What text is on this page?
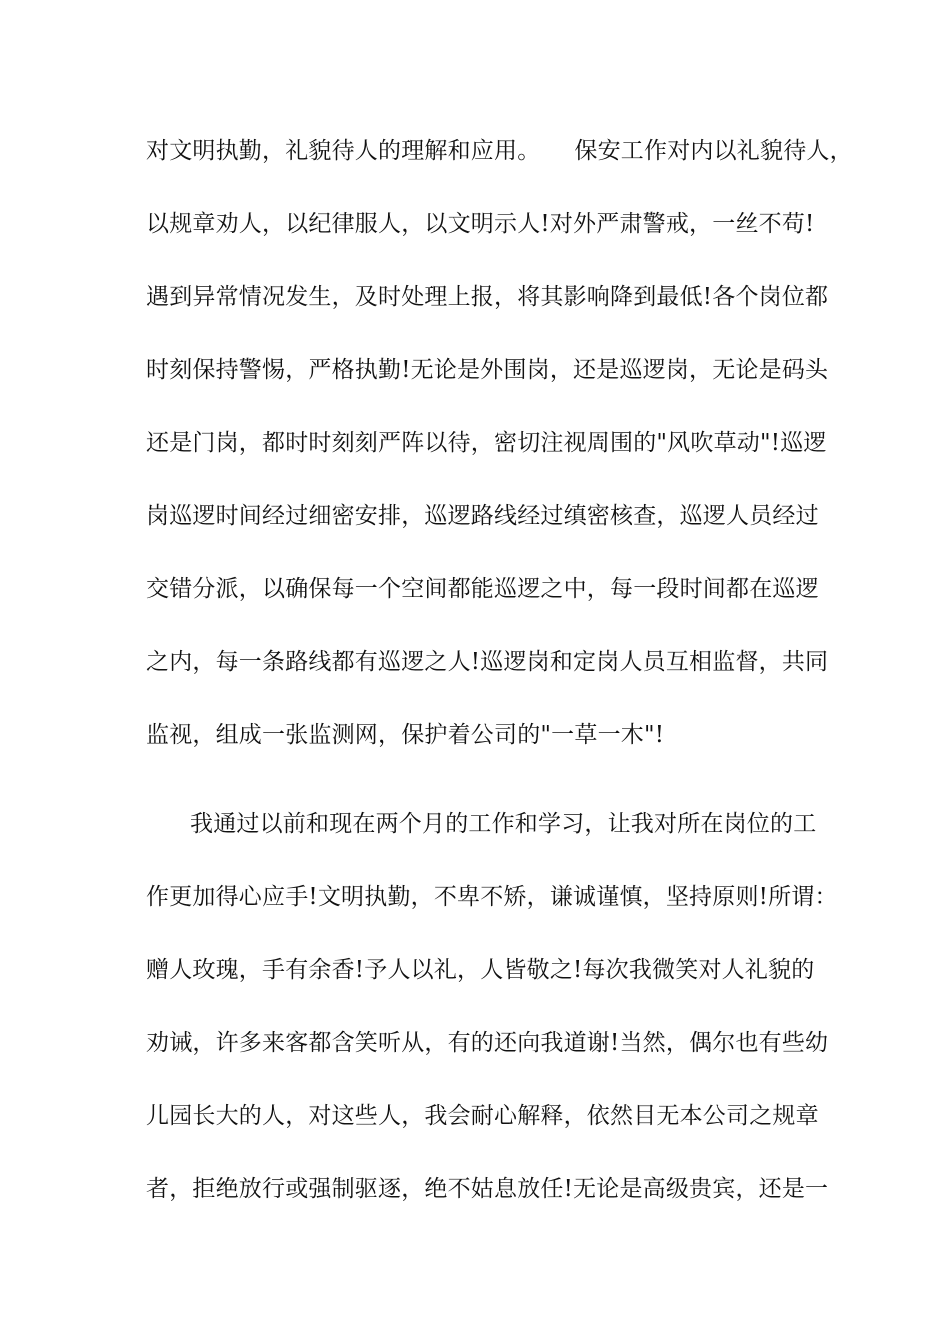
对文明执勤，礼貌待人的理解和应用。 保安工作对内以礼貌待人，
以规章劝人，以纪律服人，以文明示人!对外严肃警戒，一丝不苟!
遇到异常情况发生，及时处理上报，将其影响降到最低!各个岗位都
时刻保持警惕，严格执勤!无论是外围岗，还是巡逻岗，无论是码头
还是门岗，都时时刻刻严阵以待，密切注视周围的"风吹草动"!巡逻
岗巡逻时间经过细密安排，巡逻路线经过缜密核查，巡逻人员经过
交错分派，以确保每一个空间都能巡逻之中，每一段时间都在巡逻
之内，每一条路线都有巡逻之人!巡逻岗和定岗人员互相监督，共同
监视，组成一张监测网，保护着公司的"一草一木"!
我通过以前和现在两个月的工作和学习，让我对所在岗位的工
作更加得心应手!文明执勤，不卑不矫，谦诚谨慎，坚持原则!所谓：
赠人玫瑰，手有余香!予人以礼，人皆敬之!每次我微笑对人礼貌的
劝诫，许多来客都含笑听从，有的还向我道谢!当然，偶尔也有些幼
儿园长大的人，对这些人，我会耐心解释，依然目无本公司之规章
者，拒绝放行或强制驱逐，绝不姑息放任!无论是高级贵宾，还是一
